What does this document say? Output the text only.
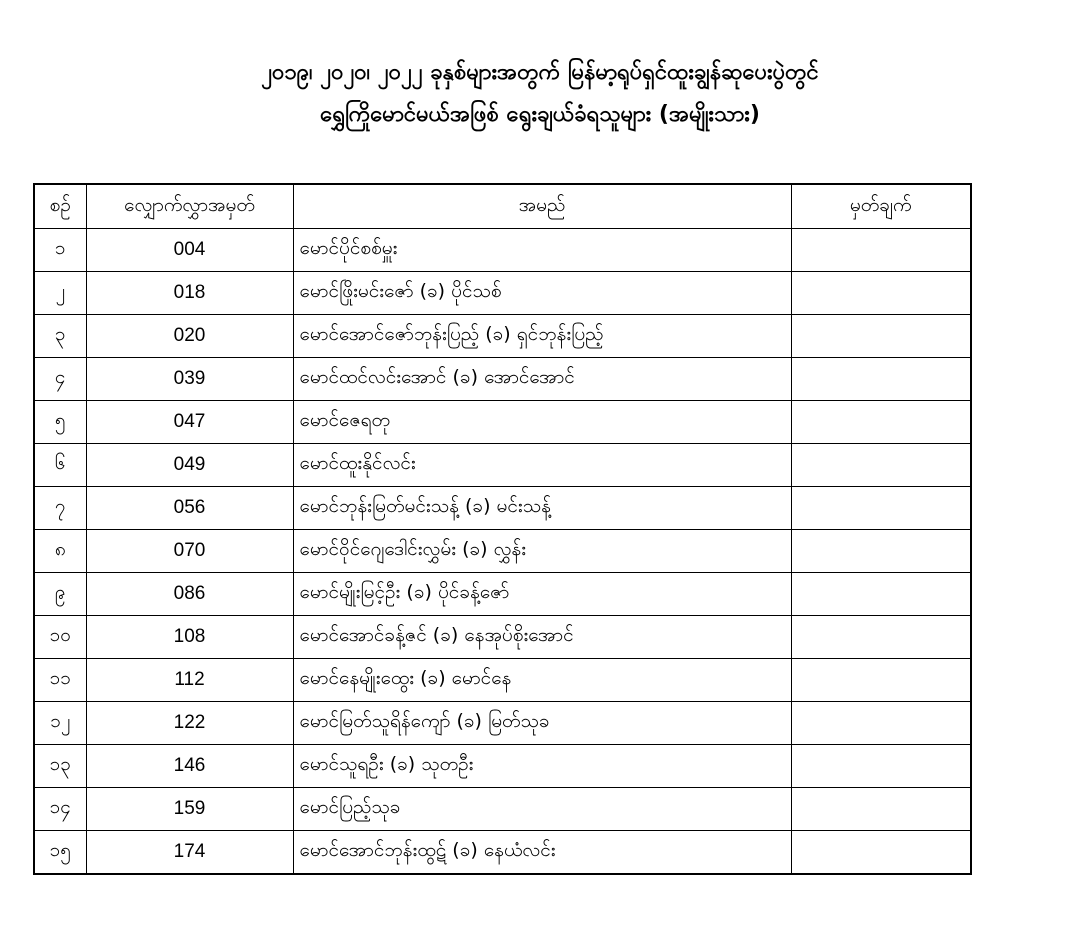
၂၀၁၉၊ ၂၀၂၀၊ ၂၀၂၂ ခုနှစ်များအတွက် မြန်မာ့ရုပ်ရှင်ထူးချွန်ဆုပေးပွဲတွင်
ရွှေကြိုမောင်မယ်အဖြစ် ရွေးချယ်ခံရသူများ (အမျိုးသား)
စဉ်	လျှောက်လွှာအမှတ်	အမည်	မှတ်ချက်
၁	004	မောင်ပိုင်စစ်မှူး	
၂	018	မောင်ဖြိုးမင်းဇော် (ခ) ပိုင်သစ်	
၃	020	မောင်အောင်ဇော်ဘုန်းပြည့် (ခ) ရှင်ဘုန်းပြည့်	
၄	039	မောင်ထင်လင်းအောင် (ခ) အောင်အောင်	
၅	047	မောင်ဇေရတု	
၆	049	မောင်ထူးနိုင်လင်း	
၇	056	မောင်ဘုန်းမြတ်မင်းသန့် (ခ) မင်းသန့်	
၈	070	မောင်ဝိုင်ဂျေဒေါင်းလွှမ်း (ခ) လွှန်း	
၉	086	မောင်မျိုးမြင့်ဦး (ခ) ပိုင်ခန့်ဇော်	
၁၀	108	မောင်အောင်ခန့်ဇင် (ခ) နေအုပ်စိုးအောင်	
၁၁	112	မောင်နေမျိုးထွေး (ခ) မောင်နေ	
၁၂	122	မောင်မြတ်သူရိန်ကျော် (ခ) မြတ်သုခ	
၁၃	146	မောင်သူရဦး (ခ) သုတဦး	
၁၄	159	မောင်ပြည့်သုခ	
၁၅	174	မောင်အောင်ဘုန်းထွဋ် (ခ) နေယံလင်း	
